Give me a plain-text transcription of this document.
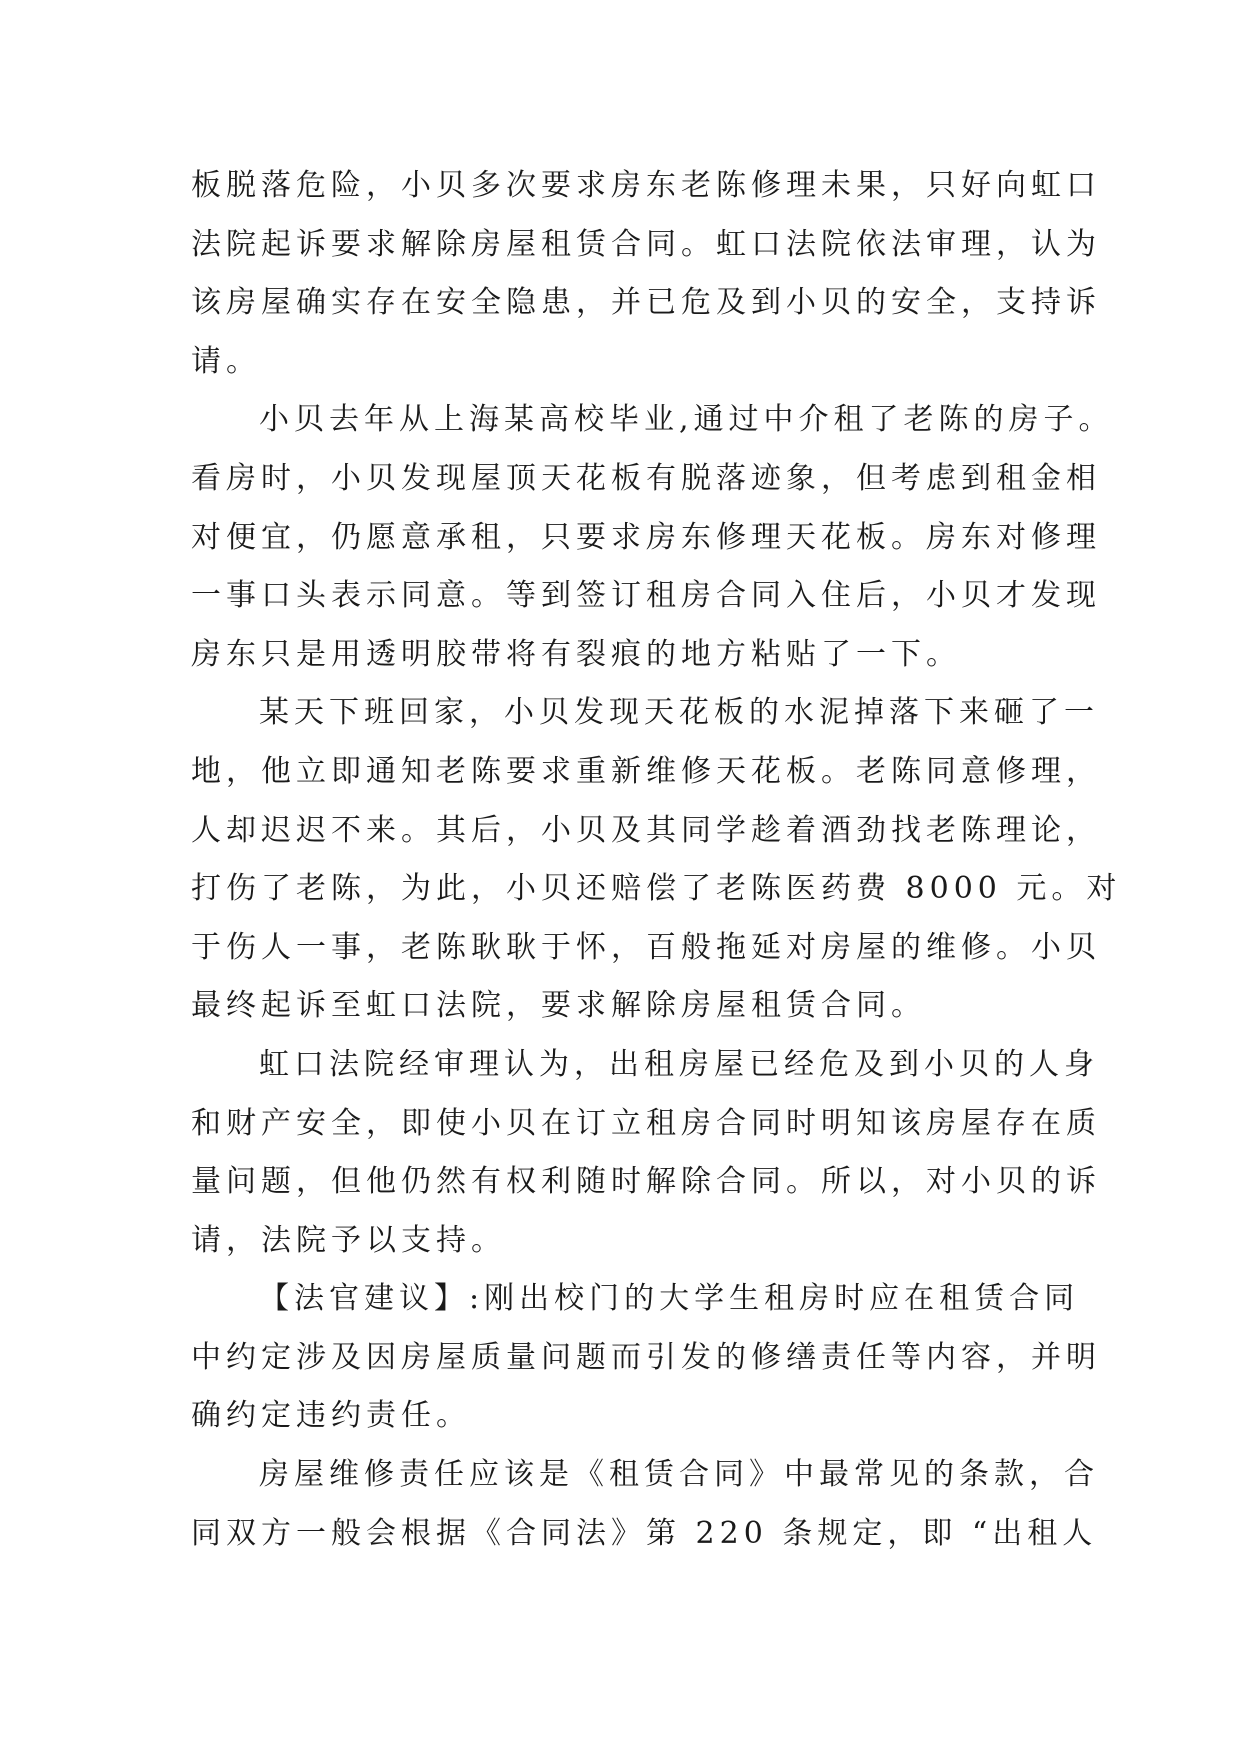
板脱落危险，小贝多次要求房东老陈修理未果，只好向虹口
法院起诉要求解除房屋租赁合同。虹口法院依法审理，认为
该房屋确实存在安全隐患，并已危及到小贝的安全，支持诉
请。
小贝去年从上海某高校毕业,通过中介租了老陈的房子。
看房时，小贝发现屋顶天花板有脱落迹象，但考虑到租金相
对便宜，仍愿意承租，只要求房东修理天花板。房东对修理
一事口头表示同意。等到签订租房合同入住后，小贝才发现
房东只是用透明胶带将有裂痕的地方粘贴了一下。
某天下班回家，小贝发现天花板的水泥掉落下来砸了一
地，他立即通知老陈要求重新维修天花板。老陈同意修理，
人却迟迟不来。其后，小贝及其同学趁着酒劲找老陈理论，
打伤了老陈，为此，小贝还赔偿了老陈医药费 8000 元。对
于伤人一事，老陈耿耿于怀，百般拖延对房屋的维修。小贝
最终起诉至虹口法院，要求解除房屋租赁合同。
虹口法院经审理认为，出租房屋已经危及到小贝的人身
和财产安全，即使小贝在订立租房合同时明知该房屋存在质
量问题，但他仍然有权利随时解除合同。所以，对小贝的诉
请，法院予以支持。
【法官建议】:刚出校门的大学生租房时应在租赁合同
中约定涉及因房屋质量问题而引发的修缮责任等内容，并明
确约定违约责任。
房屋维修责任应该是《租赁合同》中最常见的条款，合
同双方一般会根据《合同法》第 220 条规定，即 “出租人
